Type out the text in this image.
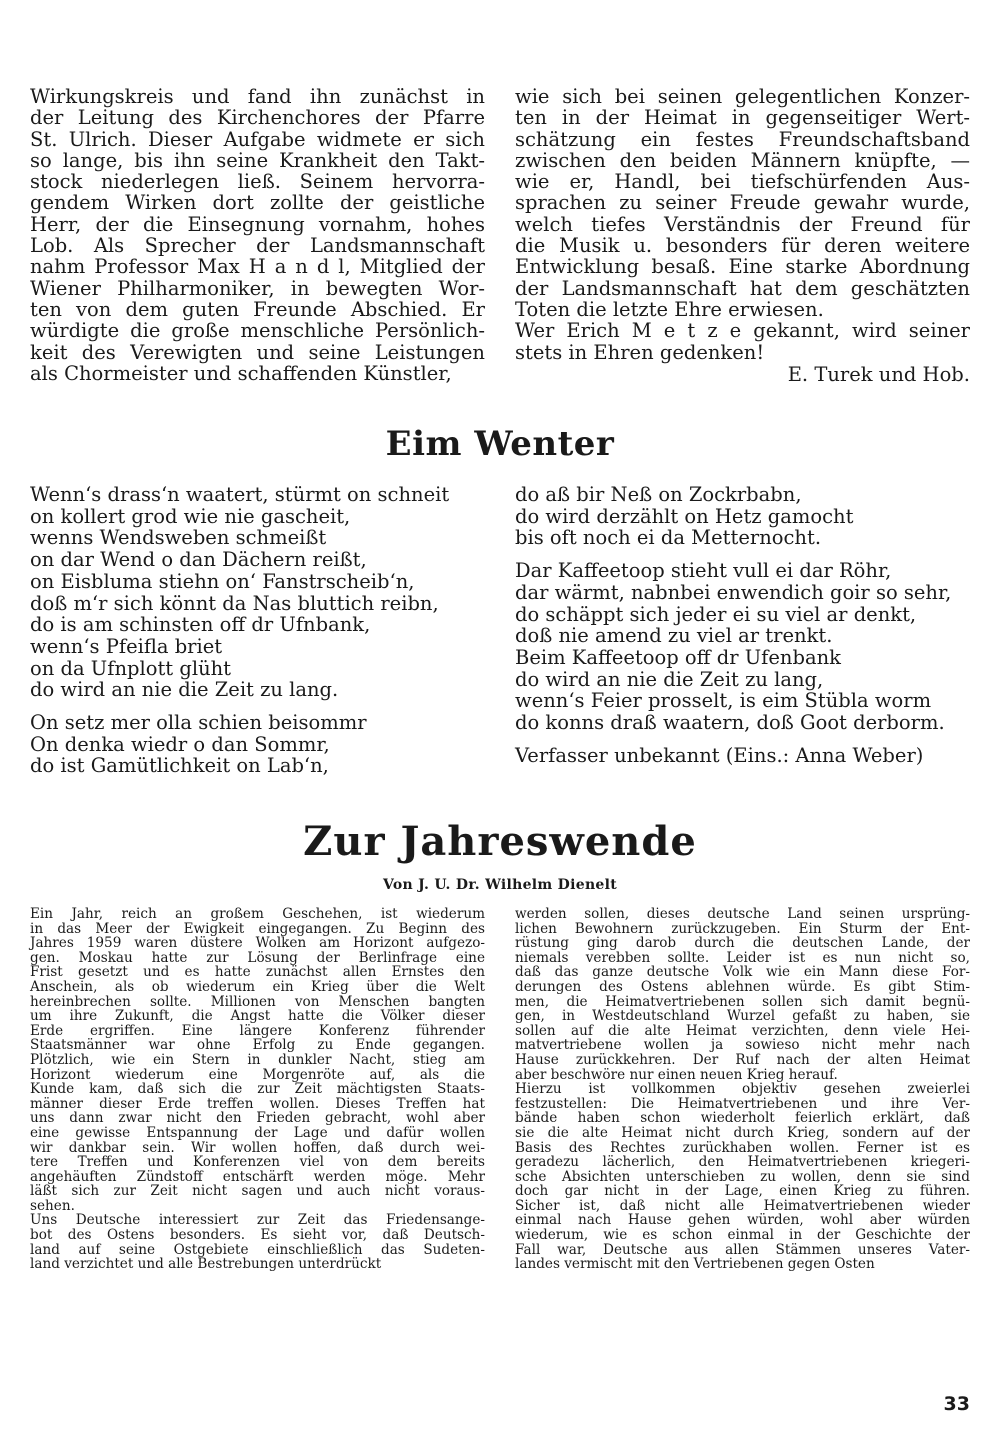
Wirkungskreis und fand ihn zunächst in

der Leitung des Kirchenchores der Pfarre

St. Ulrich. Dieser Aufgabe widmete er sich

so lange, bis ihn seine Krankheit den Takt-

stock niederlegen ließ. Seinem hervorra-

gendem Wirken dort zollte der geistliche

Herr, der die Einsegnung vornahm, hohes

Lob. Als Sprecher der Landsmannschaft

nahm Professor Max H a n d l, Mitglied der

Wiener Philharmoniker, in bewegten Wor-

ten von dem guten Freunde Abschied. Er

würdigte die große menschliche Persönlich-

keit des Verewigten und seine Leistungen

als Chormeister und schaffenden Künstler,

wie sich bei seinen gelegentlichen Konzer-

ten in der Heimat in gegenseitiger Wert-

schätzung ein festes Freundschaftsband

zwischen den beiden Männern knüpfte, —

wie er, Handl, bei tiefschürfenden Aus-

sprachen zu seiner Freude gewahr wurde,

welch tiefes Verständnis der Freund für

die Musik u. besonders für deren weitere

Entwicklung besaß. Eine starke Abordnung

der Landsmannschaft hat dem geschätzten

Toten die letzte Ehre erwiesen.

Wer Erich M e t z e gekannt, wird seiner

stets in Ehren gedenken!

E. Turek und Hob.

Eim Wenter

Wenn‘s drass‘n waatert, stürmt on schneit

on kollert grod wie nie gascheit,

wenns Wendsweben schmeißt

on dar Wend o dan Dächern reißt,

on Eisbluma stiehn on‘ Fanstrscheib‘n,

doß m‘r sich könnt da Nas bluttich reibn,

do is am schinsten off dr Ufnbank,

wenn‘s Pfeifla briet

on da Ufnplott glüht

do wird an nie die Zeit zu lang.

On setz mer olla schien beisommr

On denka wiedr o dan Sommr,

do ist Gamütlichkeit on Lab‘n,

do aß bir Neß on Zockrbabn,

do wird derzählt on Hetz gamocht

bis oft noch ei da Metternocht.

Dar Kaffeetoop stieht vull ei dar Röhr,

dar wärmt, nabnbei enwendich goir so sehr,

do schäppt sich jeder ei su viel ar denkt,

doß nie amend zu viel ar trenkt.

Beim Kaffeetoop off dr Ufenbank

do wird an nie die Zeit zu lang,

wenn‘s Feier prosselt, is eim Stübla worm

do konns draß waatern, doß Goot derborm.

Verfasser unbekannt (Eins.: Anna Weber)

Zur Jahreswende
Von J. U. Dr. Wilhelm Dienelt

Ein Jahr, reich an großem Geschehen, ist wiederum

in das Meer der Ewigkeit eingegangen. Zu Beginn des

Jahres 1959 waren düstere Wolken am Horizont aufgezo-

gen. Moskau hatte zur Lösung der Berlinfrage eine

Frist gesetzt und es hatte zunächst allen Ernstes den

Anschein, als ob wiederum ein Krieg über die Welt

hereinbrechen sollte. Millionen von Menschen bangten

um ihre Zukunft, die Angst hatte die Völker dieser

Erde ergriffen. Eine längere Konferenz führender

Staatsmänner war ohne Erfolg zu Ende gegangen.

Plötzlich, wie ein Stern in dunkler Nacht, stieg am

Horizont wiederum eine Morgenröte auf, als die

Kunde kam, daß sich die zur Zeit mächtigsten Staats-

männer dieser Erde treffen wollen. Dieses Treffen hat

uns dann zwar nicht den Frieden gebracht, wohl aber

eine gewisse Entspannung der Lage und dafür wollen

wir dankbar sein. Wir wollen hoffen, daß durch wei-

tere Treffen und Konferenzen viel von dem bereits

angehäuften Zündstoff entschärft werden möge. Mehr

läßt sich zur Zeit nicht sagen und auch nicht voraus-

sehen.

Uns Deutsche interessiert zur Zeit das Friedensange-

bot des Ostens besonders. Es sieht vor, daß Deutsch-

land auf seine Ostgebiete einschließlich das Sudeten-

land verzichtet und alle Bestrebungen unterdrückt

werden sollen, dieses deutsche Land seinen ursprüng-

lichen Bewohnern zurückzugeben. Ein Sturm der Ent-

rüstung ging darob durch die deutschen Lande, der

niemals verebben sollte. Leider ist es nun nicht so,

daß das ganze deutsche Volk wie ein Mann diese For-

derungen des Ostens ablehnen würde. Es gibt Stim-

men, die Heimatvertriebenen sollen sich damit begnü-

gen, in Westdeutschland Wurzel gefaßt zu haben, sie

sollen auf die alte Heimat verzichten, denn viele Hei-

matvertriebene wollen ja sowieso nicht mehr nach

Hause zurückkehren. Der Ruf nach der alten Heimat

aber beschwöre nur einen neuen Krieg herauf.

Hierzu ist vollkommen objektiv gesehen zweierlei

festzustellen: Die Heimatvertriebenen und ihre Ver-

bände haben schon wiederholt feierlich erklärt, daß

sie die alte Heimat nicht durch Krieg, sondern auf der

Basis des Rechtes zurückhaben wollen. Ferner ist es

geradezu lächerlich, den Heimatvertriebenen kriegeri-

sche Absichten unterschieben zu wollen, denn sie sind

doch gar nicht in der Lage, einen Krieg zu führen.

Sicher ist, daß nicht alle Heimatvertriebenen wieder

einmal nach Hause gehen würden, wohl aber würden

wiederum, wie es schon einmal in der Geschichte der

Fall war, Deutsche aus allen Stämmen unseres Vater-

landes vermischt mit den Vertriebenen gegen Osten

33
